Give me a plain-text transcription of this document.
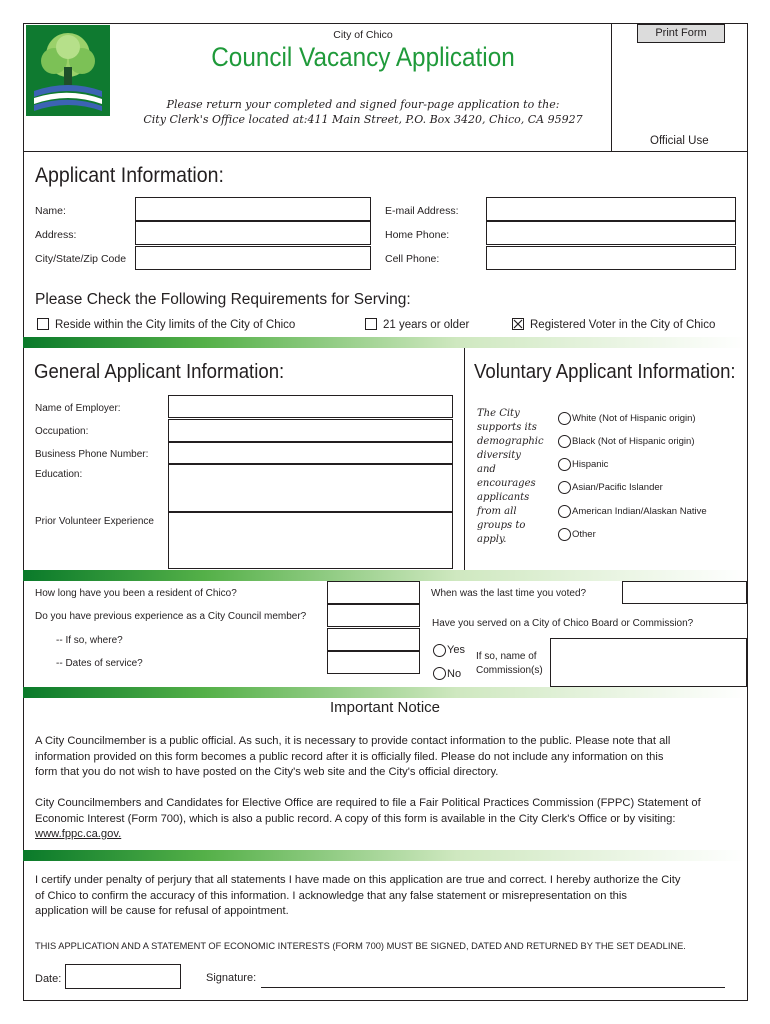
Print Form
Official Use
City of Chico
Council Vacancy Application
Please return your completed and signed four-page application to the:
City Clerk's Office located at:411 Main Street, P.O. Box 3420, Chico, CA 95927
Applicant Information:
Name:
Address:
City/State/Zip Code
E-mail Address:
Home Phone:
Cell Phone:
Please Check the Following Requirements for Serving:
Reside within the City limits of the City of Chico	21 years or older	Registered Voter in the City of Chico
General Applicant Information:
Name of Employer:
Occupation:
Business Phone Number:
Education:
Prior Volunteer Experience
Voluntary Applicant Information:
The City
supports its
demographic
diversity
and
encourages
applicants
from all
groups to
apply.
White (Not of Hispanic origin)
Black (Not of Hispanic origin)
Hispanic
Asian/Pacific Islander
American Indian/Alaskan Native
Other
How long have you been a resident of Chico?
Do you have previous experience as a City Council member?
-- If so, where?
-- Dates of service?
When was the last time you voted?
Have you served on a City of Chico Board or Commission?
Yes
No
If so, name of
Commission(s)
Important Notice
A City Councilmember is a public official. As such, it is necessary to provide contact information to the public. Please note that all
information provided on this form becomes a public record after it is officially filed. Please do not include any information on this
form that you do not wish to have posted on the City's web site and the City's official directory.
City Councilmembers and Candidates for Elective Office are required to file a Fair Political Practices Commission (FPPC) Statement of
Economic Interest (Form 700), which is also a public record. A copy of this form is available in the City Clerk's Office or by visiting:
www.fppc.ca.gov.
I certify under penalty of perjury that all statements I have made on this application are true and correct. I hereby authorize the City
of Chico to confirm the accuracy of this information. I acknowledge that any false statement or misrepresentation on this
application will be cause for refusal of appointment.
THIS APPLICATION AND A STATEMENT OF ECONOMIC INTERESTS (FORM 700) MUST BE SIGNED, DATED AND RETURNED BY THE SET DEADLINE.
Date:	Signature:
